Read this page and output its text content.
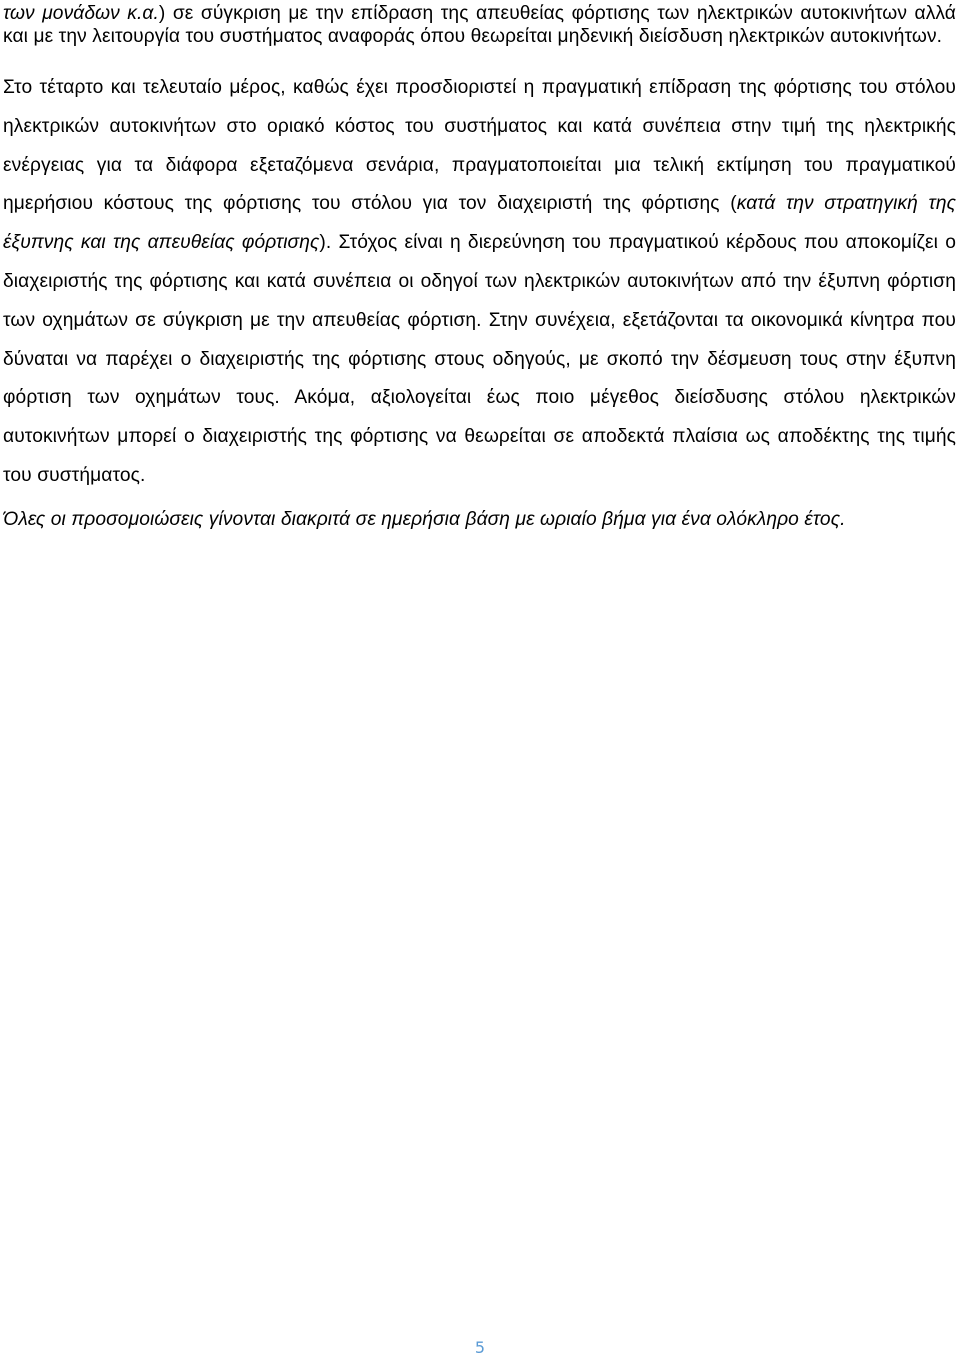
των μονάδων κ.α.) σε σύγκριση με την επίδραση της απευθείας φόρτισης των ηλεκτρικών αυτοκινήτων αλλά και με την λειτουργία του συστήματος αναφοράς όπου θεωρείται μηδενική διείσδυση ηλεκτρικών αυτοκινήτων.

Στο τέταρτο και τελευταίο μέρος, καθώς έχει προσδιοριστεί η πραγματική επίδραση της φόρτισης του στόλου ηλεκτρικών αυτοκινήτων στο οριακό κόστος του συστήματος και κατά συνέπεια στην τιμή της ηλεκτρικής ενέργειας για τα διάφορα εξεταζόμενα σενάρια, πραγματοποιείται μια τελική εκτίμηση του πραγματικού ημερήσιου κόστους της φόρτισης του στόλου για τον διαχειριστή της φόρτισης (κατά την στρατηγική της έξυπνης και της απευθείας φόρτισης). Στόχος είναι η διερεύνηση του πραγματικού κέρδους που αποκομίζει ο διαχειριστής της φόρτισης και κατά συνέπεια οι οδηγοί των ηλεκτρικών αυτοκινήτων από την έξυπνη φόρτιση των οχημάτων σε σύγκριση με την απευθείας φόρτιση. Στην συνέχεια, εξετάζονται τα οικονομικά κίνητρα που δύναται να παρέχει ο διαχειριστής της φόρτισης στους οδηγούς, με σκοπό την δέσμευση τους στην έξυπνη φόρτιση των οχημάτων τους. Ακόμα, αξιολογείται έως ποιο μέγεθος διείσδυσης στόλου ηλεκτρικών αυτοκινήτων μπορεί ο διαχειριστής της φόρτισης να θεωρείται σε αποδεκτά πλαίσια ως αποδέκτης της τιμής του συστήματος.

Όλες οι προσομοιώσεις γίνονται διακριτά σε ημερήσια βάση με ωριαίο βήμα για ένα ολόκληρο έτος.

5
